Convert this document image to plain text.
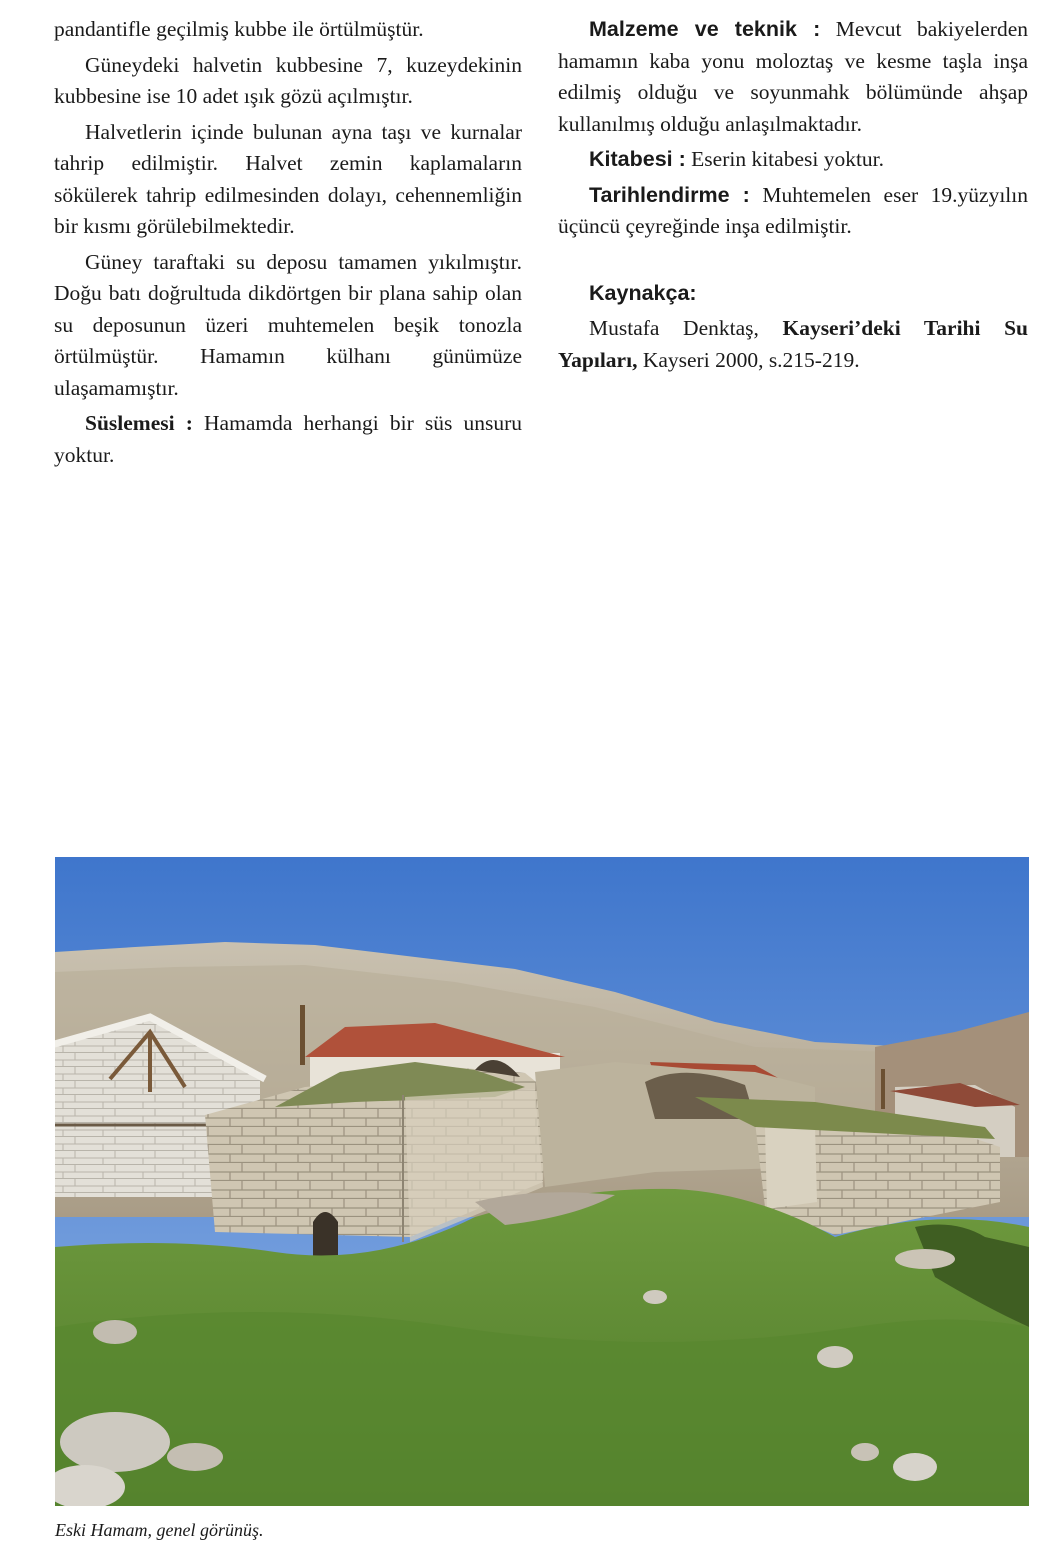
pandantifle geçilmiş kubbe ile örtülmüştür.

Güneydeki halvetin kubbesine 7, kuzeydekinin kubbesine ise 10 adet ışık gözü açılmıştır.

Halvetlerin içinde bulunan ayna taşı ve kurnalar tahrip edilmiştir. Halvet zemin kaplamaların sökülerek tahrip edilmesinden dolayı, cehennemliğin bir kısmı görülebilmektedir.

Güney taraftaki su deposu tamamen yıkılmıştır. Doğu batı doğrultuda dikdörtgen bir plana sahip olan su deposunun üzeri muhtemelen beşik tonozla örtülmüştür. Hamamın külhanı günümüze ulaşamamıştır.

Süslemesi : Hamamda herhangi bir süs unsuru yoktur.

Malzeme ve teknik : Mevcut bakiyelerden hamamın kaba yonu moloztaş ve kesme taşla inşa edilmiş olduğu ve soyunmahk bölümünde ahşap kullanılmış olduğu anlaşılmaktadır.

Kitabesi : Eserin kitabesi yoktur.

Tarihlendirme : Muhtemelen eser 19.yüzyılın üçüncü çeyreğinde inşa edilmiştir.

Kaynakça:

Mustafa Denktaş, Kayseri’deki Tarihi Su Yapıları, Kayseri 2000, s.215-219.

Eski Hamam, genel görünüş.
